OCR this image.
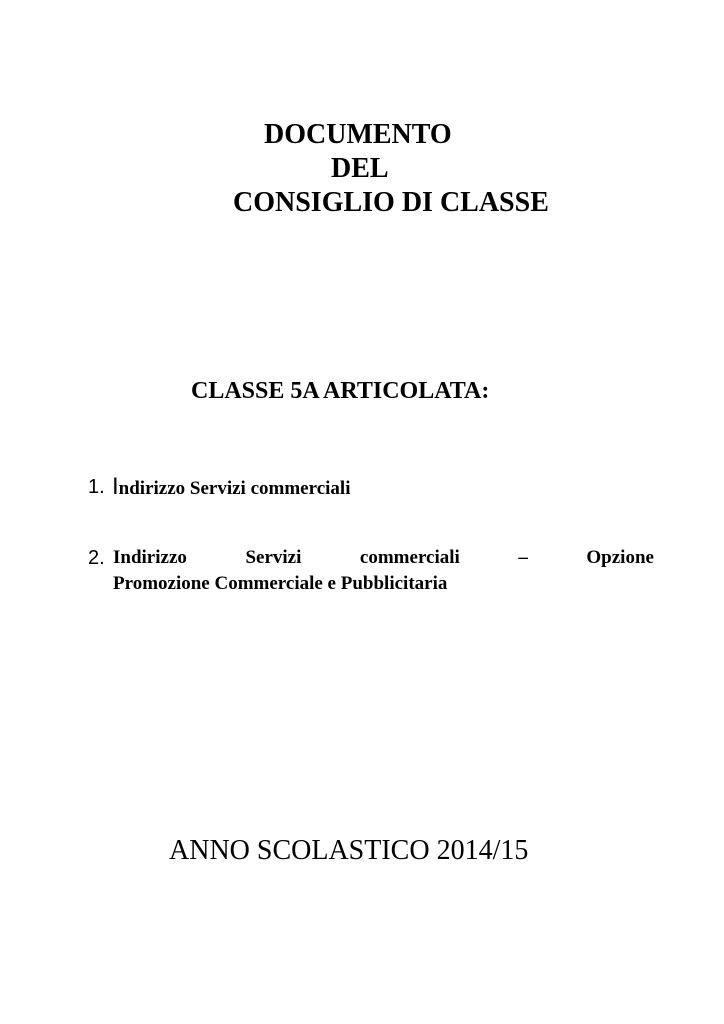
DOCUMENTO
DEL
CONSIGLIO DI CLASSE
CLASSE 5A ARTICOLATA:
1. Indirizzo Servizi commerciali
2. Indirizzo	Servizi	commerciali	–	Opzione
Promozione Commerciale e Pubblicitaria
ANNO SCOLASTICO 2014/15
